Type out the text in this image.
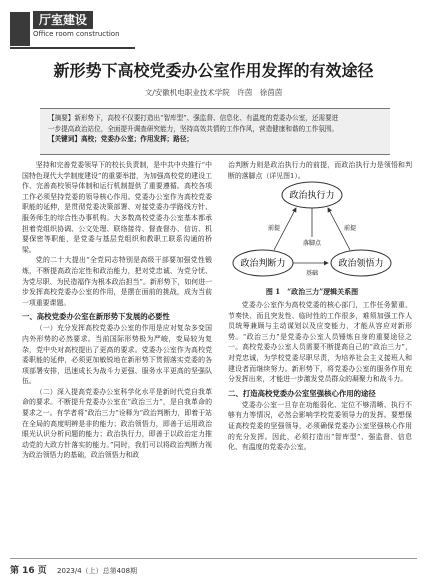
厅室建设
Office room construction
新形势下高校党委办公室作用发挥的有效途径
文/安徽机电职业技术学院　许茵　徐茵茵
【摘要】新形势下，高校不仅要打造出“智库型”、强监督、信息化、有温度的党委办公室，还需要进
一步提高政治站位，全面提升调查研究能力，坚持高效共情的工作作风，营造健康和谐的工作氛围。
【关键词】高校；党委办公室；作用发挥；路径；

坚持和完善党委领导下的校长负责制，是中共中央推行“中国特色现代大学制度建设”的重要举措，为加强高校党的建设工作、完善高校领导体制和运行机制提供了重要遵循。高校各项工作必须坚持党委的领导核心作用。党委办公室作为高校党委职能的延伸，是贯彻党委决策部署、对接党委办学路线方针、服务师生的综合性办事机构。大多数高校党委办公室基本都承担着党组织协调、公文处理、联络接待、督查督办、信访、机要保密等职能，是党委与基层党组织和教职工联系沟通的桥梁。

党的二十大提出“全党同志特别是高级干部要加强党性锻炼，不断提高政治定性和政治能力，把对党忠诚、为党分忧、为党尽职、为民造福作为根本政治担当”。新形势下，如何进一步发挥高校党委办公室的作用，是摆在面前的挑战，成为当前一项重要课题。

一、高校党委办公室在新形势下发展的必要性

（一）充分发挥高校党委办公室的作用是应对复杂多变国内外形势的必然要求。当前国际形势极为严峻，变局较为复杂，党中央对高校提出了更高的要求。党委办公室作为高校党委职能的延伸，必须更加敏锐地在新形势下贯彻落实党委的各项部署安排，迅速成长为战斗力更强、服务水平更高的坚强队伍。

（二）深入提高党委办公室科学化水平是新时代党自我革命的要求。不断提升党委办公室在“政治三力”，是自我革命的要求之一。有学者将“政治三力”诠释为“政治判断力，即着于站在全局的高度明辨是非的能力；政治领悟力，即善于运用政治眼光认识分析问题的能力；政治执行力，即善于以政治定力推动党的大政方针落实的能力。”同时，我们可以将政治判断力视为政治领悟力的基础，政治领悟力和政

治判断力则是政治执行力的前提，而政治执行力是领悟和判断的落脚点（详见图1）。

政治执行力
政治判断力	政治领悟力
前提
落脚点
基础
前提
图 1　“政治三力”逻辑关系图

党委办公室作为高校党委的核心部门，工作任务繁重、节奏快、而且突发性、临时性的工作很多，难须加强工作人员统筹兼顾与主动谋划以及应变能力，才能从容应对新形势。“政治三力”是党委办公室人员锤炼自身的重要途径之一。高校党委办公室人员需要不断提高自己的“政治三力”，对党忠诚，为学校党委尽职尽责，为培养社会主义接班人和建设者而继续努力。新形势下，将党委办公室的服务作用充分发挥出来，才能进一步激发党员群众的凝聚力和战斗力。

二、打造高校党委办公室坚强核心作用的途径

党委办公室一旦存在功能弱化、定位不够清晰、执行不够有力等情况，必然会影响学校党委领导力的发挥。要想保证高校党委的坚强领导，必须确保党委办公室坚强核心作用的充分发挥。因此，必须打造出“智库型”、强监督、信息化、有温度的党委办公室。

第 16 页 2023/4（上）总第408期
